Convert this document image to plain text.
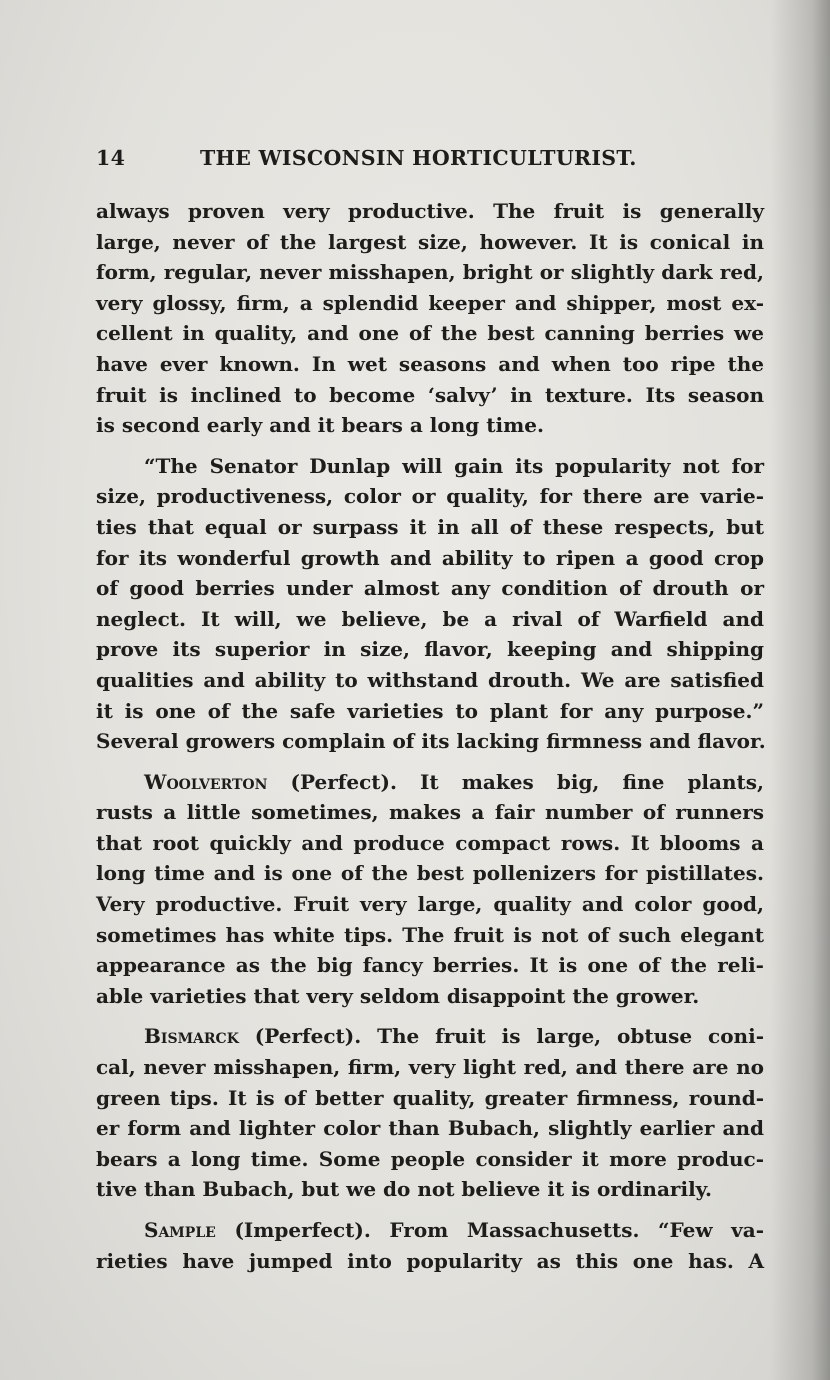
14	THE WISCONSIN HORTICULTURIST.
always proven very productive. The fruit is generally
large, never of the largest size, however. It is conical in
form, regular, never misshapen, bright or slightly dark red,
very glossy, firm, a splendid keeper and shipper, most ex-
cellent in quality, and one of the best canning berries we
have ever known. In wet seasons and when too ripe the
fruit is inclined to become ‘salvy’ in texture. Its season
is second early and it bears a long time.
“The Senator Dunlap will gain its popularity not for
size, productiveness, color or quality, for there are varie-
ties that equal or surpass it in all of these respects, but
for its wonderful growth and ability to ripen a good crop
of good berries under almost any condition of drouth or
neglect. It will, we believe, be a rival of Warfield and
prove its superior in size, flavor, keeping and shipping
qualities and ability to withstand drouth. We are satisfied
it is one of the safe varieties to plant for any purpose.”
Several growers complain of its lacking firmness and flavor.
Woolverton (Perfect). It makes big, fine plants,
rusts a little sometimes, makes a fair number of runners
that root quickly and produce compact rows. It blooms a
long time and is one of the best pollenizers for pistillates.
Very productive. Fruit very large, quality and color good,
sometimes has white tips. The fruit is not of such elegant
appearance as the big fancy berries. It is one of the reli-
able varieties that very seldom disappoint the grower.
Bismarck (Perfect). The fruit is large, obtuse coni-
cal, never misshapen, firm, very light red, and there are no
green tips. It is of better quality, greater firmness, round-
er form and lighter color than Bubach, slightly earlier and
bears a long time. Some people consider it more produc-
tive than Bubach, but we do not believe it is ordinarily.
Sample (Imperfect). From Massachusetts. “Few va-
rieties have jumped into popularity as this one has. A
